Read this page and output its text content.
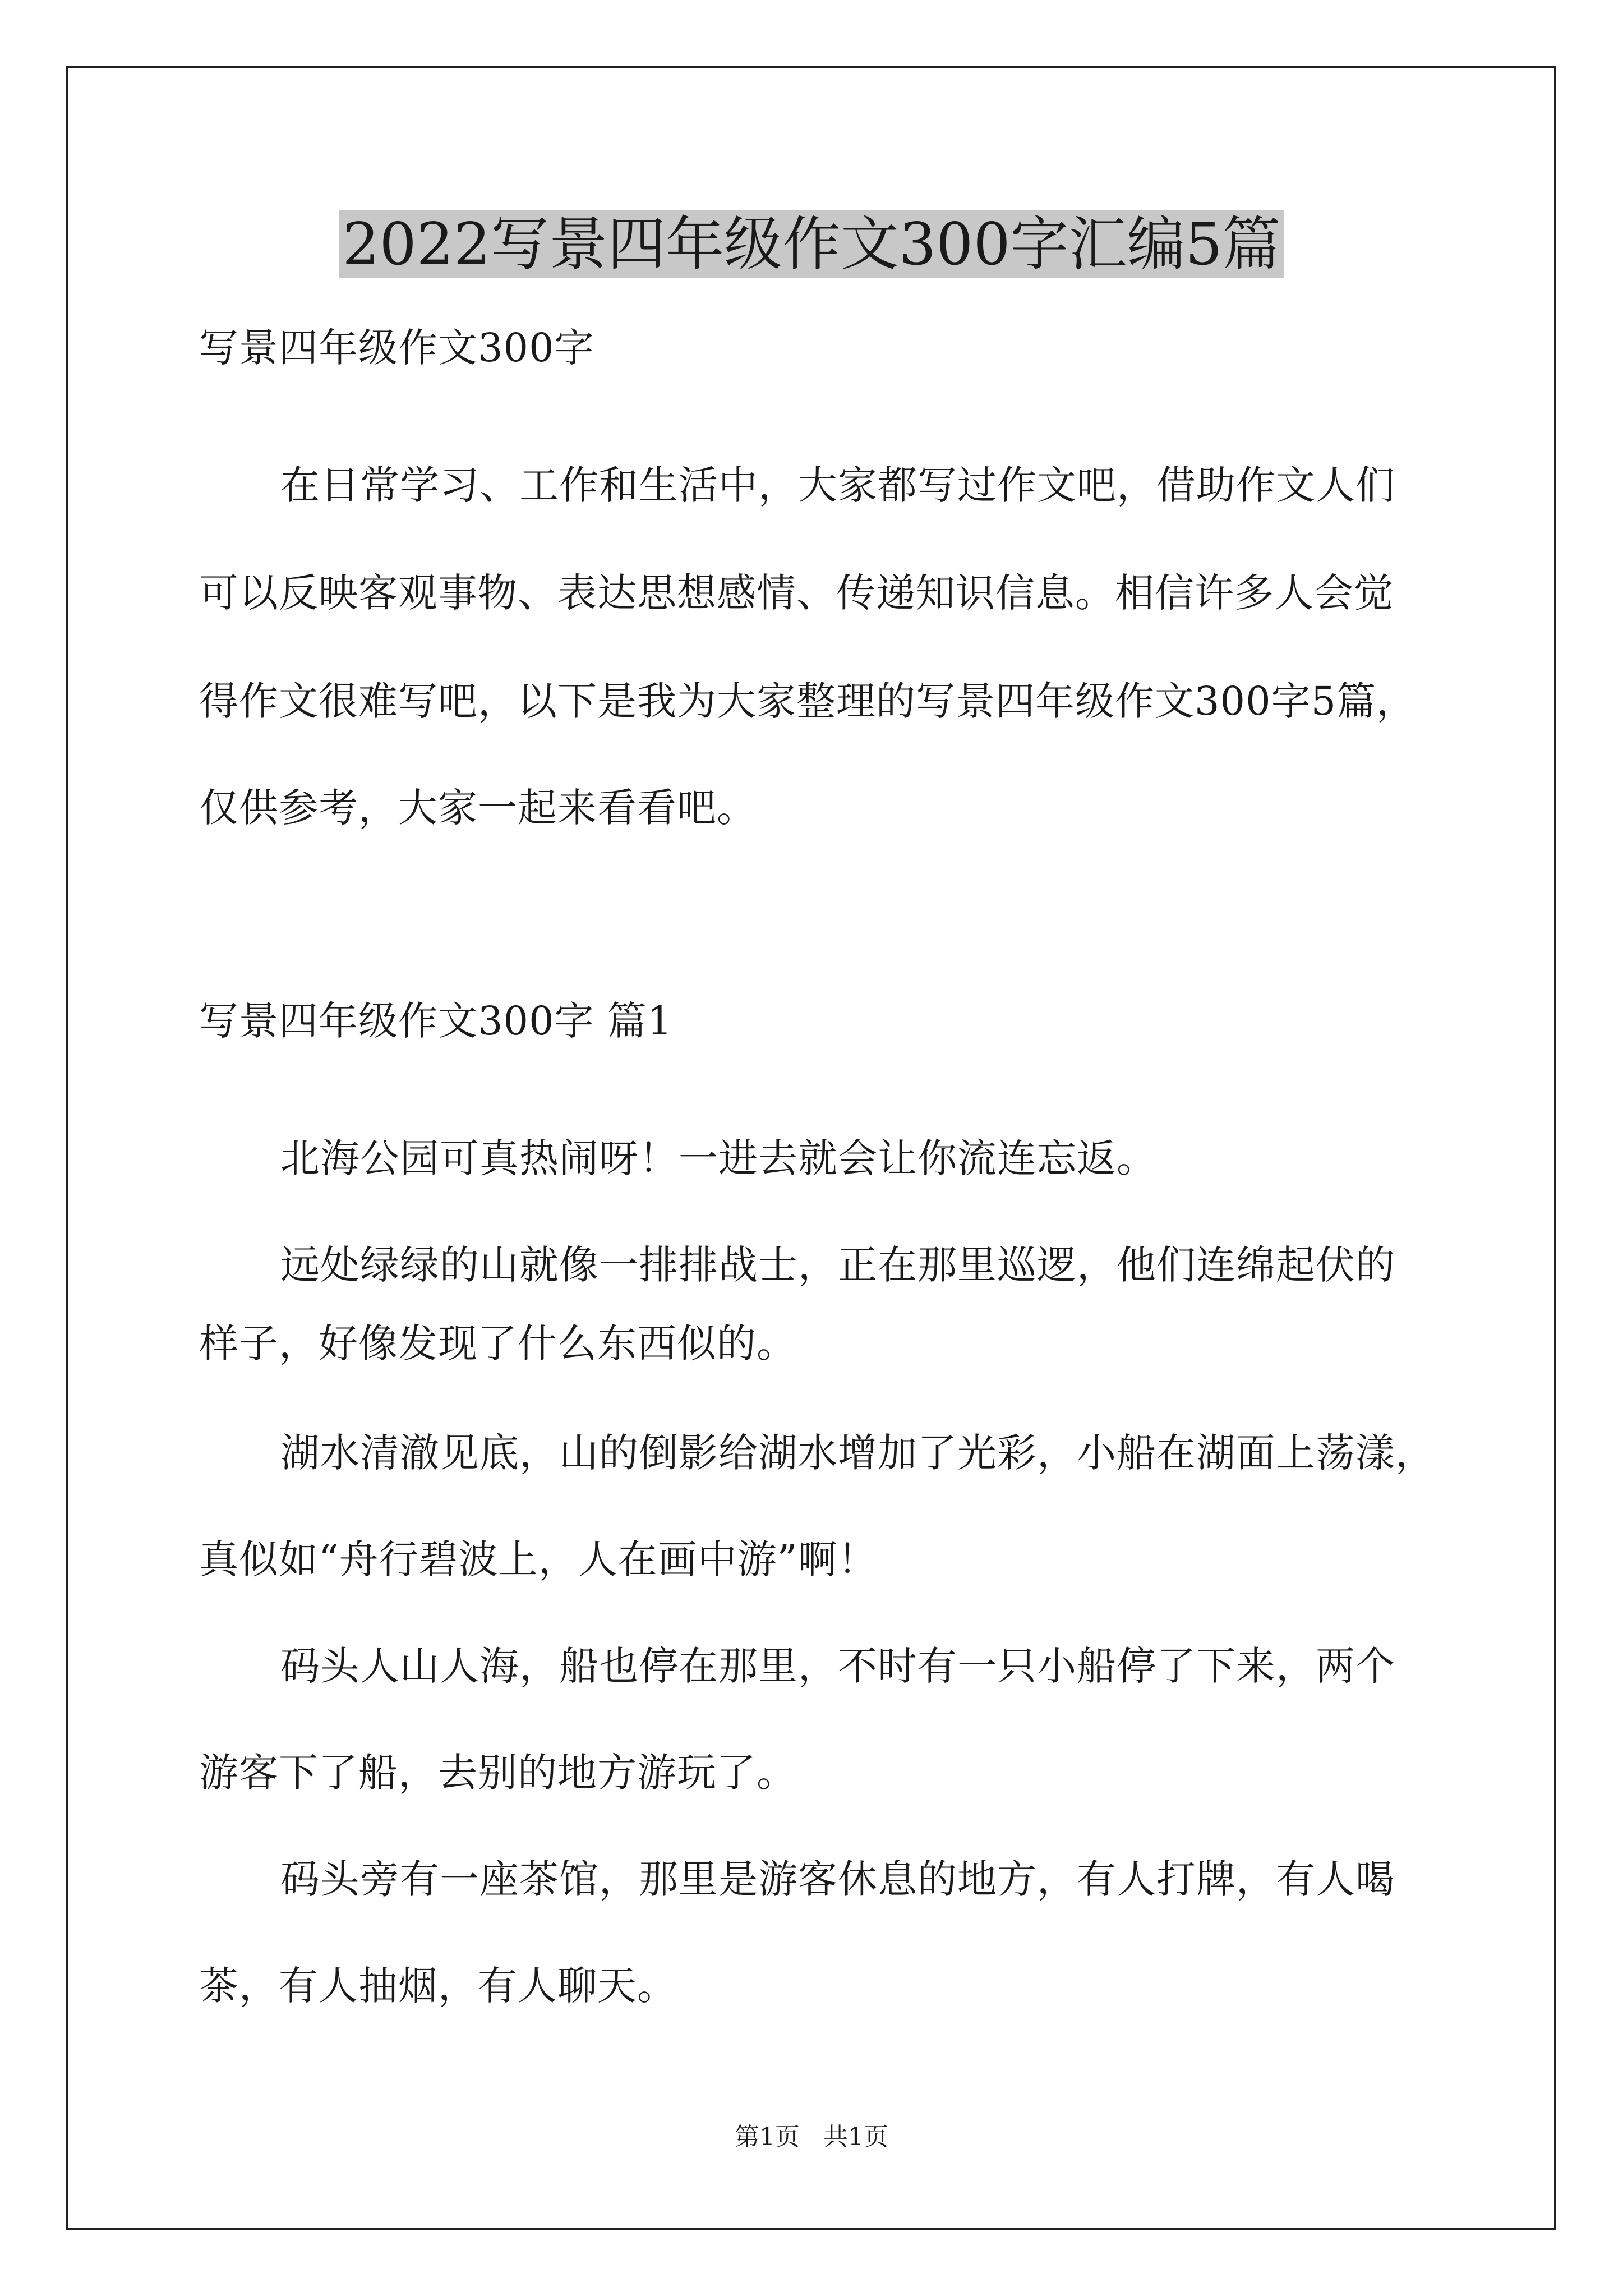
2022写景四年级作文300字汇编5篇

写景四年级作文300字

在日常学习、工作和生活中，大家都写过作文吧，借助作文人们

可以反映客观事物、表达思想感情、传递知识信息。相信许多人会觉

得作文很难写吧，以下是我为大家整理的写景四年级作文300字5篇，

仅供参考，大家一起来看看吧。

写景四年级作文300字 篇1

北海公园可真热闹呀！一进去就会让你流连忘返。

远处绿绿的山就像一排排战士，正在那里巡逻，他们连绵起伏的

样子，好像发现了什么东西似的。

湖水清澈见底，山的倒影给湖水增加了光彩，小船在湖面上荡漾，

真似如“舟行碧波上，人在画中游”啊！

码头人山人海，船也停在那里，不时有一只小船停了下来，两个

游客下了船，去别的地方游玩了。

码头旁有一座茶馆，那里是游客休息的地方，有人打牌，有人喝

茶，有人抽烟，有人聊天。

第1页   共1页
